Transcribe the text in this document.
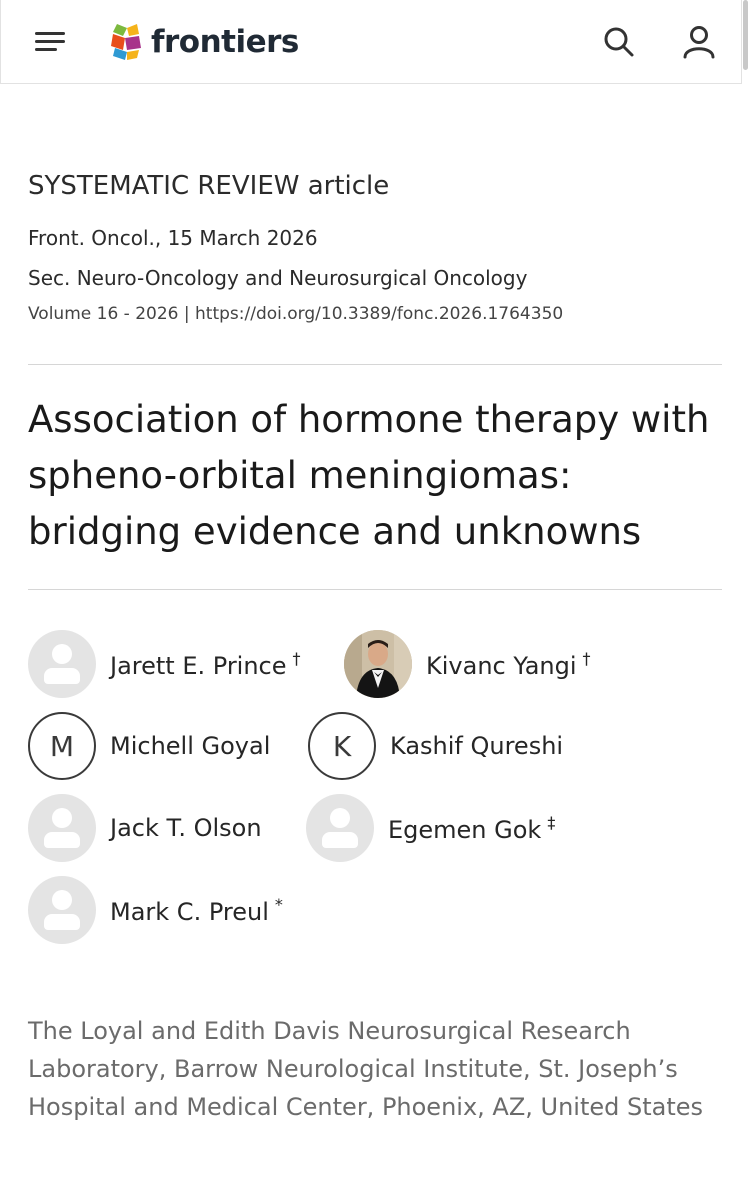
frontiers
SYSTEMATIC REVIEW article
Front. Oncol., 15 March 2026
Sec. Neuro-Oncology and Neurosurgical Oncology
Volume 16 - 2026 | https://doi.org/10.3389/fonc.2026.1764350
Association of hormone therapy with spheno-orbital meningiomas: bridging evidence and unknowns
Jarett E. Prince †	Kivanc Yangi †
M	Michell Goyal	K	Kashif Qureshi
Jack T. Olson	Egemen Gok ‡
Mark C. Preul *

The Loyal and Edith Davis Neurosurgical Research Laboratory, Barrow Neurological Institute, St. Joseph’s Hospital and Medical Center, Phoenix, AZ, United States
